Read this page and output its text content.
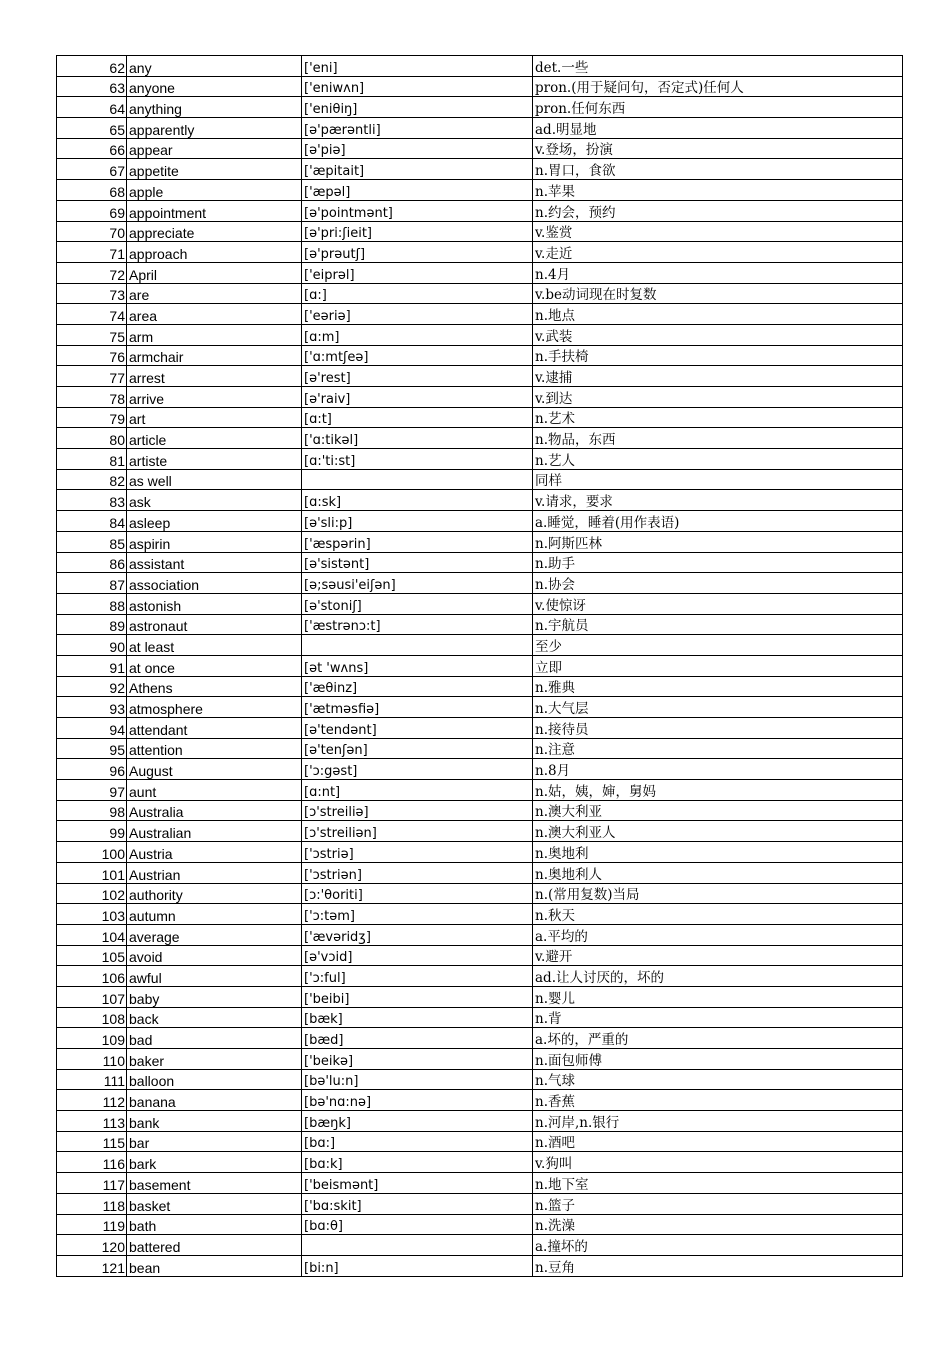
62	any	['eni]	det.一些
63	anyone	['eniwʌn]	pron.(用于疑问句，否定式)任何人
64	anything	['eniθiŋ]	pron.任何东西
65	apparently	[ə'pærəntli]	ad.明显地
66	appear	[ə'piə]	v.登场，扮演
67	appetite	['æpitait]	n.胃口，食欲
68	apple	['æpəl]	n.苹果
69	appointment	[ə'pointmənt]	n.约会，预约
70	appreciate	[ə'pri:ʃieit]	v.鉴赏
71	approach	[ə'prəutʃ]	v.走近
72	April	['eiprəl]	n.4月
73	are	[ɑ:]	v.be动词现在时复数
74	area	['eəriə]	n.地点
75	arm	[ɑ:m]	v.武装
76	armchair	['ɑ:mtʃeə]	n.手扶椅
77	arrest	[ə'rest]	v.逮捕
78	arrive	[ə'raiv]	v.到达
79	art	[ɑ:t]	n.艺术
80	article	['ɑ:tikəl]	n.物品，东西
81	artiste	[ɑ:'ti:st]	n.艺人
82	as well		同样
83	ask	[ɑ:sk]	v.请求，要求
84	asleep	[ə'sli:p]	a.睡觉，睡着(用作表语)
85	aspirin	['æspərin]	n.阿斯匹林
86	assistant	[ə'sistənt]	n.助手
87	association	[ə;səusi'eiʃən]	n.协会
88	astonish	[ə'stoniʃ]	v.使惊讶
89	astronaut	['æstrənɔ:t]	n.宇航员
90	at least		至少
91	at once	[ət 'wʌns]	立即
92	Athens	['æθinz]	n.雅典
93	atmosphere	['ætməsfiə]	n.大气层
94	attendant	[ə'tendənt]	n.接待员
95	attention	[ə'tenʃən]	n.注意
96	August	['ɔ:gəst]	n.8月
97	aunt	[ɑ:nt]	n.姑，姨，婶，舅妈
98	Australia	[ɔ'streiliə]	n.澳大利亚
99	Australian	[ɔ'streiliən]	n.澳大利亚人
100	Austria	['ɔstriə]	n.奥地利
101	Austrian	['ɔstriən]	n.奥地利人
102	authority	[ɔ:'θoriti]	n.(常用复数)当局
103	autumn	['ɔ:təm]	n.秋天
104	average	['ævəridʒ]	a.平均的
105	avoid	[ə'vɔid]	v.避开
106	awful	['ɔ:ful]	ad.让人讨厌的，坏的
107	baby	['beibi]	n.婴儿
108	back	[bæk]	n.背
109	bad	[bæd]	a.坏的，严重的
110	baker	['beikə]	n.面包师傅
111	balloon	[bə'lu:n]	n.气球
112	banana	[bə'nɑ:nə]	n.香蕉
113	bank	[bæŋk]	n.河岸,n.银行
115	bar	[bɑ:]	n.酒吧
116	bark	[bɑ:k]	v.狗叫
117	basement	['beismənt]	n.地下室
118	basket	['bɑ:skit]	n.篮子
119	bath	[bɑ:θ]	n.洗澡
120	battered		a.撞坏的
121	bean	[bi:n]	n.豆角
